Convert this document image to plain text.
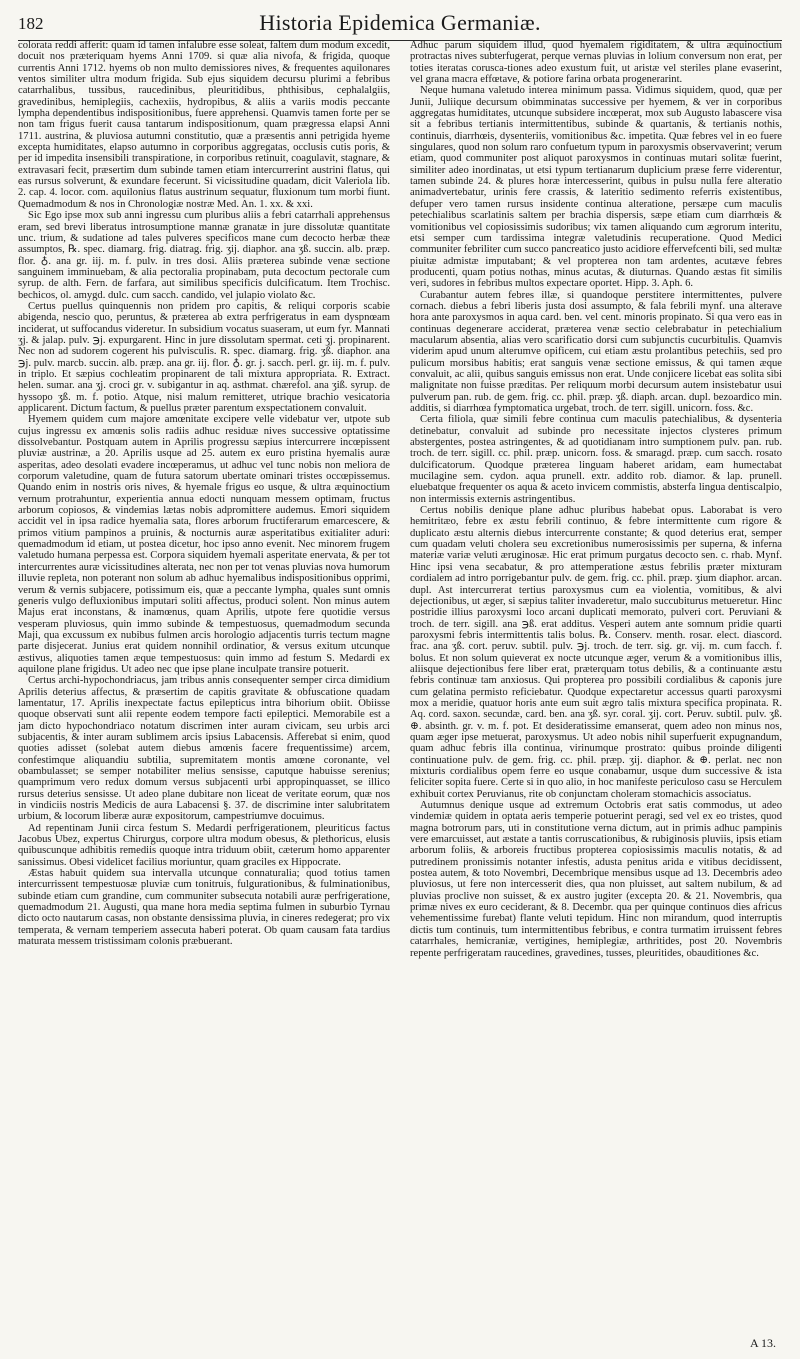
182	Historia Epidemica Germaniæ.

colorata reddi afferit: quam id tamen infalubre esse soleat, faltem dum modum excedit, docuit nos præteriquam hyems Anni 1709. si quæ alia nivofa, & frigida, quoque currentis Anni 1712. hyems ob non multo demissiores nives, & frequentes aquilonares ventos similiter ultra modum frigida. Sub ejus siquidem decursu plurimi a febribus catarrhalibus, tussibus, raucedinibus, pleuritidibus, phthisibus, cephalalgiis, gravedinibus, hemiplegiis, cachexiis, hydropibus, & aliis a variis modis peccante lympha dependentibus indispositionibus, fuere apprehensi. Quamvis tamen forte per se non tam frigus fuerit causa tantarum indispositionum, quam prægressa elapsi Anni 1711. austrina, & pluviosa autumni constitutio, quæ a præsentis anni petrigida hyeme excepta humiditates, elapso autumno in corporibus aggregatas, occlusis cutis poris, & per id impedita insensibili transpiratione, in corporibus retinuit, coagulavit, stagnare, & extravasari fecit, præsertim dum subinde tamen etiam intercurrerint austrini flatus, qui eas rursus solverunt, & exundare fecerunt. Si vicissitudine quadam, dicit Valeriola lib. 2. cap. 4. locor. com. aquilonius flatus austrinum sequatur, fluxionum tum morbi fiunt. Quemadmodum & nos in Chronologiæ nostræ Med. An. 1. xx. & xxi.

Sic Ego ipse mox sub anni ingressu cum pluribus aliis a febri catarrhali apprehensus eram, sed brevi liberatus introsumptione mannæ granatæ in jure dissolutæ quantitate unc. trium, & sudatione ad tales pulveres specificos mane cum decocto herbæ theæ assumptos, ℞. spec. diamarg. frig. diatrag. frig. ʒij. diaphor. ana ʒß. succin. alb. præp. flor. ♁. ana gr. iij. m. f. pulv. in tres dosi. Aliis præterea subinde venæ sectione sanguinem imminuebam, & alia pectoralia propinabam, puta decoctum pectorale cum syrup. de alth. Fern. de farfara, aut similibus specificis dulcificatum. Item Trochisc. bechicos, ol. amygd. dulc. cum sacch. candido, vel julapio violato &c.

Certus puellus quinquennis non pridem pro capitis, & reliqui corporis scabie abigenda, nescio quo, peruntus, & præterea ab extra perfrigeratus in eam dyspnœam inciderat, ut suffocandus videretur. In subsidium vocatus suaseram, ut eum fyr. Mannati ʒj. & jalap. pulv. ℈j. expurgarent. Hinc in jure dissolutam spermat. ceti ʒj. propinarent. Nec non ad sudorem cogerent his pulvisculis. R. spec. diamarg. frig. ʒß. diaphor. ana ℈j. pulv. marcb. succin. alb. præp. ana gr. iij. flor. ♁. gr. j. sacch. perl. gr. iij. m. f. pulv. in triplo. Et sæpius cochleatim propinarent de tali mixtura appropriata. R. Extract. helen. sumar. ana ʒj. croci gr. v. subigantur in aq. asthmat. chærefol. ana ʒiß. syrup. de hyssopo ʒß. m. f. potio. Atque, nisi malum remitteret, utrique brachio vesicatoria applicarent. Dictum factum, & puellus præter parentum exspectationem convaluit.

Hyemem quidem cum majore amœnitate excipere velle videbatur ver, utpote sub cujus ingressu ex amœnis solis radiis adhuc residuæ nives successive optatissime dissolvebantur. Postquam autem in Aprilis progressu sæpius intercurrere incœpissent pluviæ austrinæ, a 20. Aprilis usque ad 25. autem ex euro pristina hyemalis auræ asperitas, adeo desolati evadere incœperamus, ut adhuc vel tunc nobis non meliora de corporum valetudine, quam de futura satorum ubertate ominari tristes occœpissemus. Quando enim in nostris oris nives, & hyemale frigus eo usque, & ultra æquinoctium vernum protrahuntur, experientia annua edocti nunquam messem optimam, fructus arborum copiosos, & vindemias lætas nobis adpromittere audemus. Emori siquidem accidit vel in ipsa radice hyemalia sata, flores arborum fructiferarum emarcescere, & primos vitium pampinos a pruinis, & nocturnis auræ asperitatibus exitialiter aduri: quemadmodum id etiam, ut postea dicetur, hoc ipso anno evenit. Nec minorem frugem valetudo humana perpessa est. Corpora siquidem hyemali asperitate enervata, & per tot intercurrentes auræ vicissitudines alterata, nec non per tot venas pluvias nova humorum illuvie repleta, non poterant non solum ab adhuc hyemalibus indispositionibus opprimi, verum & vernis subjacere, potissimum eis, quæ a peccante lympha, quales sunt omnis generis vulgo defluxionibus imputari soliti affectus, produci solent. Non minus autem Majus erat inconstans, & inamœnus, quam Aprilis, utpote fere quotidie versus vesperam pluviosus, quin immo subinde & tempestuosus, quemadmodum secunda Maji, qua excussum ex nubibus fulmen arcis horologio adjacentis turris tectum magne parte disjecerat. Junius erat quidem nonnihil ordinatior, & versus exitum utcunque æstivus, aliquoties tamen æque tempestuosus: quin immo ad festum S. Medardi ex aquilone plane frigidus. Ut adeo nec que ipse plane inculpate transire potuerit.

Certus archi-hypochondriacus, jam tribus annis consequenter semper circa dimidium Aprilis deterius affectus, & præsertim de capitis gravitate & obfuscatione quadam lamentatur, 17. Aprilis inexpectate factus epilepticus intra bihorium obiit. Obiisse quoque observati sunt alii repente eodem tempore facti epileptici. Memorabile est a jam dicto hypochondriaco notatum discrimen inter auram civicam, seu urbis arci subjacentis, & inter auram sublimem arcis ipsius Labacensis. Afferebat si enim, quod quoties adisset (solebat autem diebus amœnis facere frequentissime) arcem, confestimque aliquandiu subtilia, supremitatem montis amœne coronante, vel obambulasset; se semper notabiliter melius sensisse, caputque habuisse serenius; quamprimum vero redux domum versus subjacenti urbi appropinquasset, se illico rursus deterius sensisse. Ut adeo plane dubitare non liceat de veritate eorum, quæ nos in vindiciis nostris Medicis de aura Labacensi §. 37. de discrimine inter salubritatem urbium, & locorum liberæ auræ expositorum, campestriumve docuimus.

Ad repentinam Junii circa festum S. Medardi perfrigerationem, pleuriticus factus Jacobus Ubez, expertus Chirurgus, corpore ultra modum obesus, & plethoricus, elusis quibuscunque adhibitis remediis quoque intra triduum obiit, cæterum homo apparenter sanissimus. Obesi videlicet facilius moriuntur, quam graciles ex Hippocrate.

Æstas habuit quidem sua intervalla utcunque connaturalia; quod totius tamen intercurrissent tempestuosæ pluviæ cum tonitruis, fulgurationibus, & fulminationibus, subinde etiam cum grandine, cum communiter subsecuta notabili auræ perfrigeratione, quemadmodum 21. Augusti, qua mane hora media septima fulmen in suburbio Tyrnau dicto octo nautarum casas, non obstante densissima pluvia, in cineres redegerat; pro vix temperata, & vernam temperiem assecuta haberi poterat. Ob quam causam fata tardius maturata messem tristissimam colonis præbuerant.

Adhuc parum siquidem illud, quod hyemalem rigiditatem, & ultra æquinoctium protractas nives subterfugerat, perque vernas pluvias in lolium conversum non erat, per toties iteratas corusca-tiones adeo exustum fuit, ut aristæ vel steriles plane evaserint, vel grana macra effœtave, & potiore farina orbata progenerarint.

Neque humana valetudo interea minimum passa. Vidimus siquidem, quod, quæ per Junii, Juliique decursum obimminatas successive per hyemem, & ver in corporibus aggregatas humiditates, utcunque subsidere incœperat, mox sub Augusto labascere visa sit a febribus tertianis intermittentibus, subinde & quartanis, & tertianis nothis, continuis, diarrhœis, dysenteriis, vomitionibus &c. impetita. Quæ febres vel in eo fuere singulares, quod non solum raro confuetum typum in paroxysmis observaverint; verum etiam, quod communiter post aliquot paroxysmos in continuas mutari solitæ fuerint, similiter adeo inordinatas, ut etsi typum tertianarum duplicium præse ferre viderentur, tamen subinde 24. & plures horæ intercesserint, quibus in pulsu nulla fere alteratio animadvertebatur, urinis fere crassis, & lateritio sedimento referris existentibus, defuper vero tamen rursus insidente continua alteratione, persæpe cum maculis petechialibus scarlatinis saltem per brachia dispersis, sæpe etiam cum diarrhœis & vomitionibus vel copiosissimis sudoribus; vix tamen aliquando cum ægrorum interitu, etsi semper cum tardissima integræ valetudinis recuperatione. Quod Medici communiter febriliter cum succo pancreatico justo acidiore effervefcenti bili, sed multæ piuitæ admistæ imputabant; & vel propterea non tam ardentes, acutæve febres producenti, quam potius nothas, minus acutas, & diuturnas. Quando æstas fit similis veri, sudores in febribus multos expectare oportet. Hipp. 3. Aph. 6.

Curabantur autem febres illæ, si quandoque perstitere intermittentes, pulvere cornach. diebus a febri liberis justa dosi assumpto, & fala febrili mynf. una alterave hora ante paroxysmos in aqua card. ben. vel cent. minoris propinato. Si qua vero eas in continuas degenerare acciderat, præterea venæ sectio celebrabatur in petechialium macularum absentia, alias vero scarificatio dorsi cum subjunctis cucurbitulis. Quamvis viderim apud unum alterumve opificem, cui etiam æstu prolantibus petechiis, sed pro pulicum morsibus habitis; erat sanguis venæ sectione emissus, & qui tamen æque convaluit, ac alii, quibus sanguis emissus non erat. Unde conjicere licebat eas solita sibi malignitate non fuisse præditas. Per reliquum morbi decursum autem insistebatur usui pulverum pan. rub. de gem. frig. cc. phil. præp. ʒß. diaph. arcan. dupl. bezoardico min. additis, si diarrhœa fymptomatica urgebat, troch. de terr. sigill. unicorn. foss. &c.

Certa filiola, quæ simili febre continua cum maculis patechialibus, & dysenteria detinebatur, convaluit ad subinde pro necessitate injectos clysteres primum abstergentes, postea astringentes, & ad quotidianam intro sumptionem pulv. pan. rub. troch. de terr. sigill. cc. phil. præp. unicorn. foss. & smaragd. præp. cum sacch. rosato dulcificatorum. Quodque præterea linguam haberet aridam, eam humectabat mucilagine sem. cydon. aqua prunell. extr. addito rob. diamor. & lap. prunell. eluebatque frequenter os aqua & aceto invicem commistis, absterfa lingua dentiscalpio, non intermissis externis astringentibus.

Certus nobilis denique plane adhuc pluribus habebat opus. Laborabat is vero hemitritæo, febre ex æstu febrili continuo, & febre intermittente cum rigore & duplicato æstu alternis diebus intercurrente constante; & quod deterius erat, semper cum quadam veluti cholera seu excretionibus numerosissimis per superna, & inferna materiæ variæ veluti æruginosæ. Hic erat primum purgatus decocto sen. c. rhab. Mynf. Hinc ipsi vena secabatur, & pro attemperatione æstus febrilis præter mixturam cordialem ad intro porrigebantur pulv. de gem. frig. cc. phil. præp. ʒium diaphor. arcan. dupl. Ast intercurrerat tertius paroxysmus cum ea violentia, vomitibus, & alvi dejectionibus, ut æger, si sæpius taliter invaderetur, malo succubiturus metueretur. Hinc postridie illius paroxysmi loco arcani duplicati memorato, pulveri cort. Peruviani & troch. de terr. sigill. ana ℈ß. erat additus. Vesperi autem ante somnum pridie quarti paroxysmi febris intermittentis talis bolus. ℞. Conserv. menth. rosar. elect. diascord. frac. ana ʒß. cort. peruv. subtil. pulv. ℈j. troch. de terr. sig. gr. vij. m. cum facch. f. bolus. Et non solum quieverat ex nocte utcunque æger, verum & a vomitionibus illis, aliisque dejectionibus fere liber erat, præterquam totus debilis, & a continuante æstu febris continuæ tam anxiosus. Qui propterea pro possibili cordialibus & caponis jure cum gelatina permisto reficiebatur. Quodque expectaretur accessus quarti paroxysmi mox a meridie, quatuor horis ante eum suit ægro talis mixtura specifica propinata. R. Aq. cord. saxon. secundæ, card. ben. ana ʒß. syr. coral. ʒij. cort. Peruv. subtil. pulv. ʒß. ⊕. absinth. gr. v. m. f. pot. Et desideratissime emanserat, quem adeo non minus nos, quam æger ipse metuerat, paroxysmus. Ut adeo nobis nihil superfuerit expugnandum, quam adhuc febris illa continua, virinumque prostrato: quibus proinde diligenti continuatione pulv. de gem. frig. cc. phil. præp. ʒij. diaphor. & ⊕. perlat. nec non mixturis cordialibus opem ferre eo usque conabamur, usque dum successive & ista feliciter sopita fuere. Certe si in quo alio, in hoc manifeste periculoso casu se Herculem exhibuit cortex Peruvianus, rite ob conjunctam choleram stomachicis associatus.

Autumnus denique usque ad extremum Octobris erat satis commodus, ut adeo vindemiæ quidem in optata aeris temperie potuerint peragi, sed vel ex eo tristes, quod magna botrorum pars, uti in constitutione verna dictum, aut in primis adhuc pampinis vere emarcuisset, aut æstate a tantis corruscationibus, & rubiginosis pluviis, ipsis etiam arborum foliis, & arboreis fructibus propterea copiosissimis maculis notatis, & ad putredinem pronissimis notanter infestis, adusta penitus arida e vitibus decidissent, postea autem, & toto Novembri, Decembrique mensibus usque ad 13. Decembris adeo pluviosus, ut fere non intercesserit dies, qua non pluisset, aut saltem nubilum, & ad pluvias proclive non suisset, & ex austro jugiter (excepta 20. & 21. Novembris, qua primæ nives ex euro ceciderant, & 8. Decembr. qua per quinque continuos dies africus vehementissime furebat) flante veluti tepidum. Hinc non mirandum, quod interruptis dictis tum continuis, tum intermittentibus febribus, e contra turmatim irruissent febres catarrhales, hemicraniæ, vertigines, hemiplegiæ, arthritides, post 20. Novembris repente perfrigeratam raucedines, gravedines, tusses, pleuritides, obauditiones &c.

A 13.
